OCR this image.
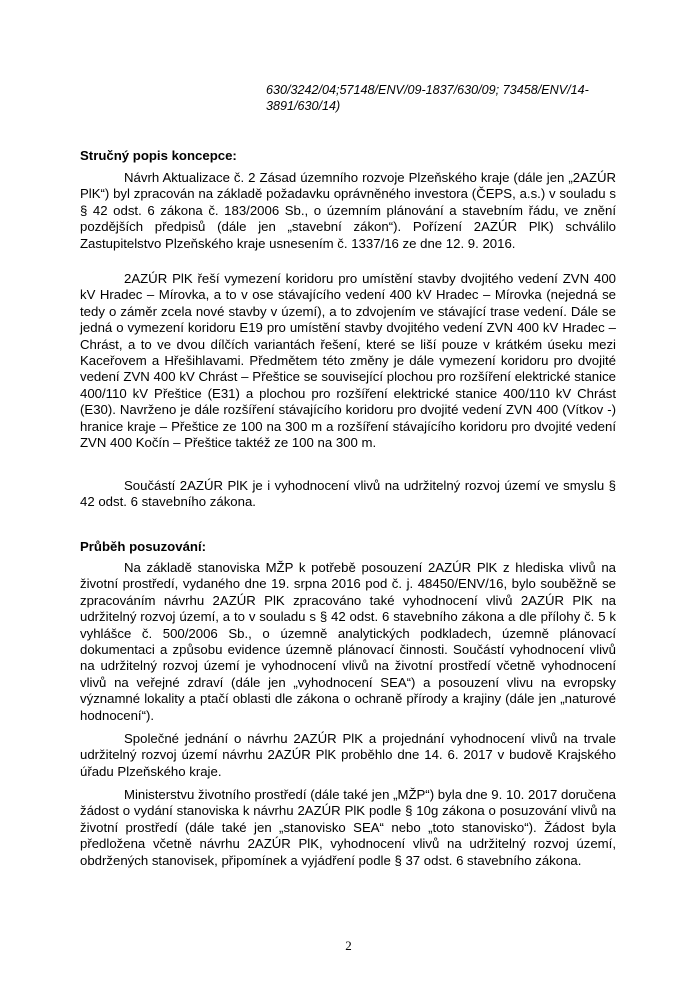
630/3242/04;57148/ENV/09-1837/630/09; 73458/ENV/14-3891/630/14)

Stručný popis koncepce:

Návrh Aktualizace č. 2 Zásad územního rozvoje Plzeňského kraje (dále jen „2AZÚR PlK“) byl zpracován na základě požadavku oprávněného investora (ČEPS, a.s.) v souladu s § 42 odst. 6 zákona č. 183/2006 Sb., o územním plánování a stavebním řádu, ve znění pozdějších předpisů (dále jen „stavební zákon“). Pořízení 2AZÚR PlK) schválilo Zastupitelstvo Plzeňského kraje usnesením č. 1337/16 ze dne 12. 9. 2016.

2AZÚR PlK řeší vymezení koridoru pro umístění stavby dvojitého vedení ZVN 400 kV Hradec – Mírovka, a to v ose stávajícího vedení 400 kV Hradec – Mírovka (nejedná se tedy o záměr zcela nové stavby v území), a to zdvojením ve stávající trase vedení. Dále se jedná o vymezení koridoru E19 pro umístění stavby dvojitého vedení ZVN 400 kV Hradec – Chrást, a to ve dvou dílčích variantách řešení, které se liší pouze v krátkém úseku mezi Kaceřovem a Hřešihlavami. Předmětem této změny je dále vymezení koridoru pro dvojité vedení ZVN 400 kV Chrást – Přeštice se související plochou pro rozšíření elektrické stanice 400/110 kV Přeštice (E31) a plochou pro rozšíření elektrické stanice 400/110 kV Chrást (E30). Navrženo je dále rozšíření stávajícího koridoru pro dvojité vedení ZVN 400 (Vítkov -) hranice kraje – Přeštice ze 100 na 300 m a rozšíření stávajícího koridoru pro dvojité vedení ZVN 400 Kočín – Přeštice taktéž ze 100 na 300 m.

Součástí 2AZÚR PlK je i vyhodnocení vlivů na udržitelný rozvoj území ve smyslu § 42 odst. 6 stavebního zákona.

Průběh posuzování:

Na základě stanoviska MŽP k potřebě posouzení 2AZÚR PlK z hlediska vlivů na životní prostředí, vydaného dne 19. srpna 2016 pod č. j. 48450/ENV/16, bylo souběžně se zpracováním návrhu 2AZÚR PlK zpracováno také vyhodnocení vlivů 2AZÚR PlK na udržitelný rozvoj území, a to v souladu s § 42 odst. 6 stavebního zákona a dle přílohy č. 5 k vyhlášce č. 500/2006 Sb., o územně analytických podkladech, územně plánovací dokumentaci a způsobu evidence územně plánovací činnosti. Součástí vyhodnocení vlivů na udržitelný rozvoj území je vyhodnocení vlivů na životní prostředí včetně vyhodnocení vlivů na veřejné zdraví (dále jen „vyhodnocení SEA“) a posouzení vlivu na evropsky významné lokality a ptačí oblasti dle zákona o ochraně přírody a krajiny (dále jen „naturové hodnocení“).

Společné jednání o návrhu 2AZÚR PlK a projednání vyhodnocení vlivů na trvale udržitelný rozvoj území návrhu 2AZÚR PlK proběhlo dne 14. 6. 2017 v budově Krajského úřadu Plzeňského kraje.

Ministerstvu životního prostředí (dále také jen „MŽP“) byla dne 9. 10. 2017 doručena žádost o vydání stanoviska k návrhu 2AZÚR PlK podle § 10g zákona o posuzování vlivů na životní prostředí (dále také jen „stanovisko SEA“ nebo „toto stanovisko“). Žádost byla předložena včetně návrhu 2AZÚR PlK, vyhodnocení vlivů na udržitelný rozvoj území, obdržených stanovisek, připomínek a vyjádření podle § 37 odst. 6 stavebního zákona.

2
